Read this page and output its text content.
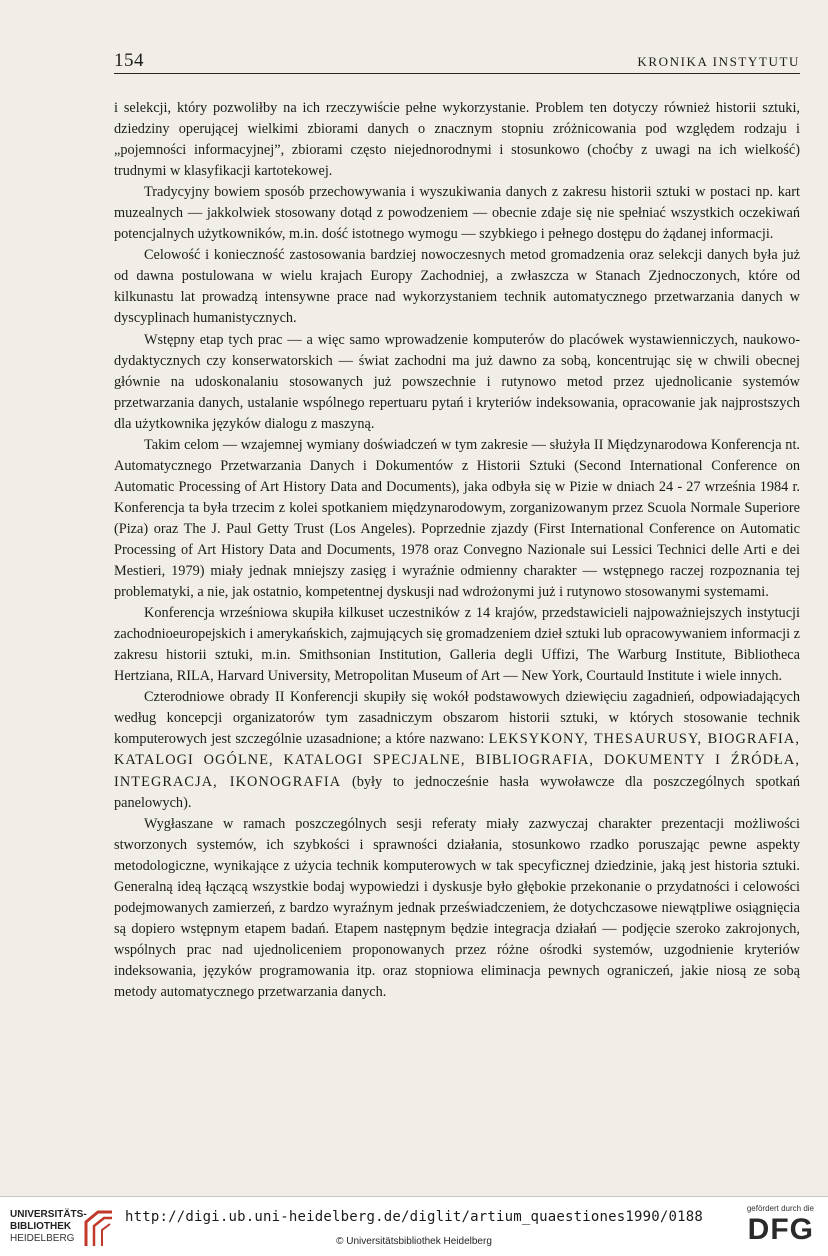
154	KRONIKA INSTYTUTU

i selekcji, który pozwoliłby na ich rzeczywiście pełne wykorzystanie. Problem ten dotyczy również historii sztuki, dziedziny operującej wielkimi zbiorami danych o znacznym stopniu zróżnicowania pod względem rodzaju i „pojemności informacyjnej”, zbiorami często niejednorodnymi i stosunkowo (choćby z uwagi na ich wielkość) trudnymi w klasyfikacji kartotekowej.

Tradycyjny bowiem sposób przechowywania i wyszukiwania danych z zakresu historii sztuki w postaci np. kart muzealnych — jakkolwiek stosowany dotąd z powodzeniem — obecnie zdaje się nie spełniać wszystkich oczekiwań potencjalnych użytkowników, m.in. dość istotnego wymogu — szybkiego i pełnego dostępu do żądanej informacji.

Celowość i konieczność zastosowania bardziej nowoczesnych metod gromadzenia oraz selekcji danych była już od dawna postulowana w wielu krajach Europy Zachodniej, a zwłaszcza w Stanach Zjednoczonych, które od kilkunastu lat prowadzą intensywne prace nad wykorzystaniem technik automatycznego przetwarzania danych w dyscyplinach humanistycznych.

Wstępny etap tych prac — a więc samo wprowadzenie komputerów do placówek wystawienniczych, naukowo-dydaktycznych czy konserwatorskich — świat zachodni ma już dawno za sobą, koncentrując się w chwili obecnej głównie na udoskonalaniu stosowanych już powszechnie i rutynowo metod przez ujednolicanie systemów przetwarzania danych, ustalanie wspólnego repertuaru pytań i kryteriów indeksowania, opracowanie jak najprostszych dla użytkownika języków dialogu z maszyną.

Takim celom — wzajemnej wymiany doświadczeń w tym zakresie — służyła II Międzynarodowa Konferencja nt. Automatycznego Przetwarzania Danych i Dokumentów z Historii Sztuki (Second International Conference on Automatic Processing of Art History Data and Documents), jaka odbyła się w Pizie w dniach 24 - 27 września 1984 r. Konferencja ta była trzecim z kolei spotkaniem międzynarodowym, zorganizowanym przez Scuola Normale Superiore (Piza) oraz The J. Paul Getty Trust (Los Angeles). Poprzednie zjazdy (First International Conference on Automatic Processing of Art History Data and Documents, 1978 oraz Convegno Nazionale sui Lessici Technici delle Arti e dei Mestieri, 1979) miały jednak mniejszy zasięg i wyraźnie odmienny charakter — wstępnego raczej rozpoznania tej problematyki, a nie, jak ostatnio, kompetentnej dyskusji nad wdrożonymi już i rutynowo stosowanymi systemami.

Konferencja wrześniowa skupiła kilkuset uczestników z 14 krajów, przedstawicieli najpoważniejszych instytucji zachodnioeuropejskich i amerykańskich, zajmujących się gromadzeniem dzieł sztuki lub opracowywaniem informacji z zakresu historii sztuki, m.in. Smithsonian Institution, Galleria degli Uffizi, The Warburg Institute, Bibliotheca Hertziana, RILA, Harvard University, Metropolitan Museum of Art — New York, Courtauld Institute i wiele innych.

Czterodniowe obrady II Konferencji skupiły się wokół podstawowych dziewięciu zagadnień, odpowiadających według koncepcji organizatorów tym zasadniczym obszarom historii sztuki, w których stosowanie technik komputerowych jest szczególnie uzasadnione; a które nazwano: LEKSYKONY, THESAURUSY, BIOGRAFIA, KATALOGI OGÓLNE, KATALOGI SPECJALNE, BIBLIOGRAFIA, DOKUMENTY I ŹRÓDŁA, INTEGRACJA, IKONOGRAFIA (były to jednocześnie hasła wywoławcze dla poszczególnych spotkań panelowych).

Wygłaszane w ramach poszczególnych sesji referaty miały zazwyczaj charakter prezentacji możliwości stworzonych systemów, ich szybkości i sprawności działania, stosunkowo rzadko poruszając pewne aspekty metodologiczne, wynikające z użycia technik komputerowych w tak specyficznej dziedzinie, jaką jest historia sztuki. Generalną ideą łączącą wszystkie bodaj wypowiedzi i dyskusje było głębokie przekonanie o przydatności i celowości podejmowanych zamierzeń, z bardzo wyraźnym jednak przeświadczeniem, że dotychczasowe niewątpliwe osiągnięcia są dopiero wstępnym etapem badań. Etapem następnym będzie integracja działań — podjęcie szeroko zakrojonych, wspólnych prac nad ujednoliceniem proponowanych przez różne ośrodki systemów, uzgodnienie kryteriów indeksowania, języków programowania itp. oraz stopniowa eliminacja pewnych ograniczeń, jakie niosą ze sobą metody automatycznego przetwarzania danych.

UNIVERSITÄTS-
BIBLIOTHEK
HEIDELBERG
http://digi.ub.uni-heidelberg.de/diglit/artium_quaestiones1990/0188
© Universitätsbibliothek Heidelberg
gefördert durch die
DFG
